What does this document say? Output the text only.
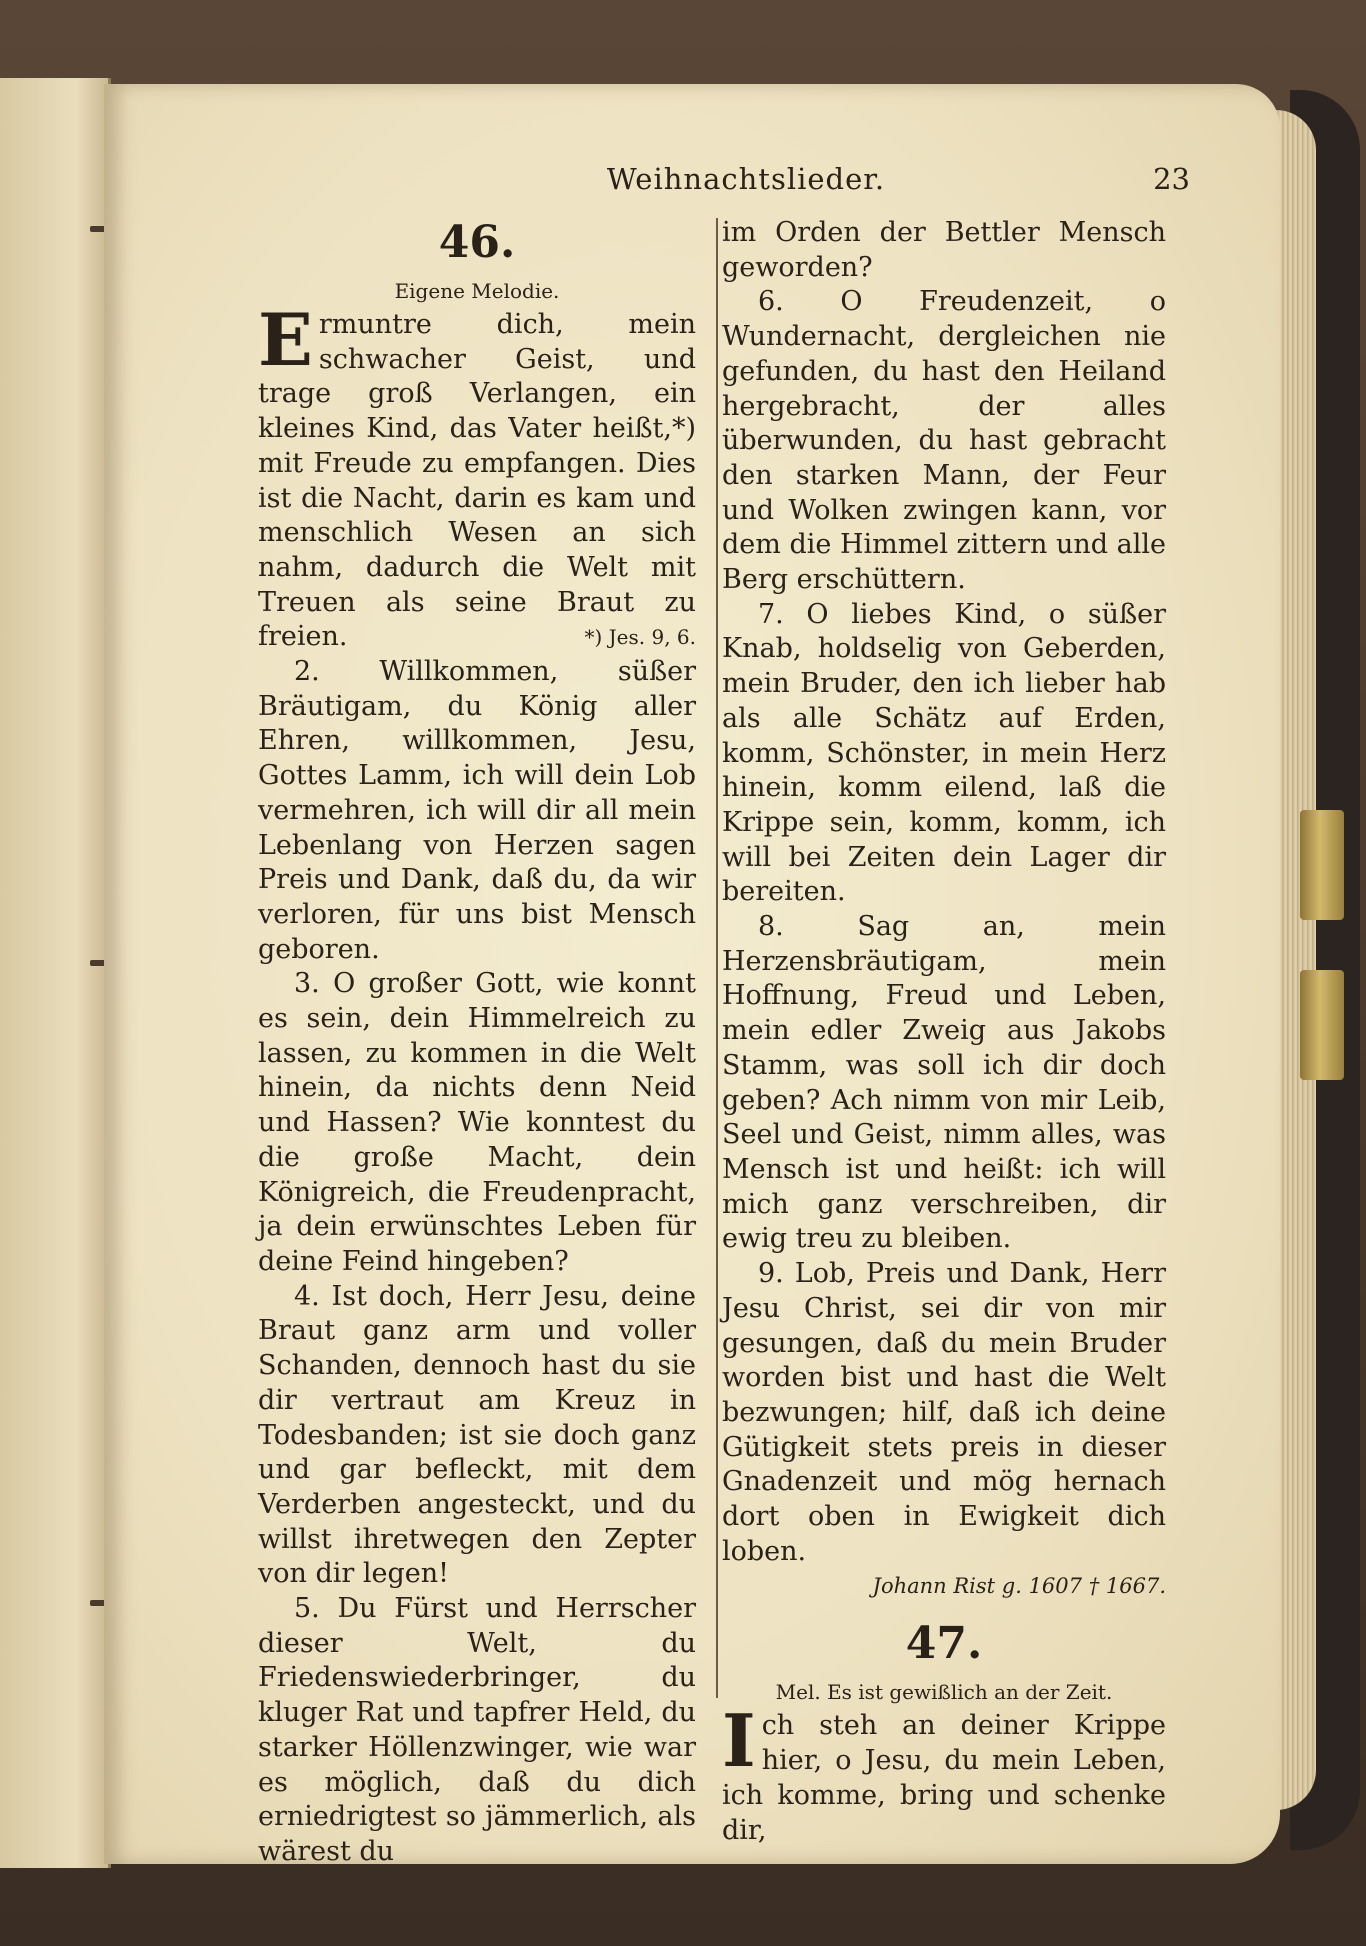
Weihnachtslieder.	23
46.
Eigene Melodie.

Ermuntre dich, mein schwacher Geist, und trage groß Verlangen, ein kleines Kind, das Vater heißt,*) mit Freude zu empfangen. Dies ist die Nacht, darin es kam und menschlich Wesen an sich nahm, dadurch die Welt mit Treuen als seine Braut zu freien.	*) Jes. 9, 6.

2. Willkommen, süßer Bräutigam, du König aller Ehren, willkommen, Jesu, Gottes Lamm, ich will dein Lob vermehren, ich will dir all mein Lebenlang von Herzen sagen Preis und Dank, daß du, da wir verloren, für uns bist Mensch geboren.

3. O großer Gott, wie konnt es sein, dein Himmelreich zu lassen, zu kommen in die Welt hinein, da nichts denn Neid und Hassen? Wie konntest du die große Macht, dein Königreich, die Freudenpracht, ja dein erwünschtes Leben für deine Feind hingeben?

4. Ist doch, Herr Jesu, deine Braut ganz arm und voller Schanden, dennoch hast du sie dir vertraut am Kreuz in Todesbanden; ist sie doch ganz und gar befleckt, mit dem Verderben angesteckt, und du willst ihretwegen den Zepter von dir legen!

5. Du Fürst und Herrscher dieser Welt, du Friedenswiederbringer, du kluger Rat und tapfrer Held, du starker Höllenzwinger, wie war es möglich, daß du dich erniedrigtest so jämmerlich, als wärest du

im Orden der Bettler Mensch geworden?

6. O Freudenzeit, o Wundernacht, dergleichen nie gefunden, du hast den Heiland hergebracht, der alles überwunden, du hast gebracht den starken Mann, der Feur und Wolken zwingen kann, vor dem die Himmel zittern und alle Berg erschüttern.

7. O liebes Kind, o süßer Knab, holdselig von Geberden, mein Bruder, den ich lieber hab als alle Schätz auf Erden, komm, Schönster, in mein Herz hinein, komm eilend, laß die Krippe sein, komm, komm, ich will bei Zeiten dein Lager dir bereiten.

8. Sag an, mein Herzensbräutigam, mein Hoffnung, Freud und Leben, mein edler Zweig aus Jakobs Stamm, was soll ich dir doch geben? Ach nimm von mir Leib, Seel und Geist, nimm alles, was Mensch ist und heißt: ich will mich ganz verschreiben, dir ewig treu zu bleiben.

9. Lob, Preis und Dank, Herr Jesu Christ, sei dir von mir gesungen, daß du mein Bruder worden bist und hast die Welt bezwungen; hilf, daß ich deine Gütigkeit stets preis in dieser Gnadenzeit und mög hernach dort oben in Ewigkeit dich loben.

Johann Rist g. 1607 † 1667.
47.
Mel. Es ist gewißlich an der Zeit.

Ich steh an deiner Krippe hier, o Jesu, du mein Leben, ich komme, bring und schenke dir,
